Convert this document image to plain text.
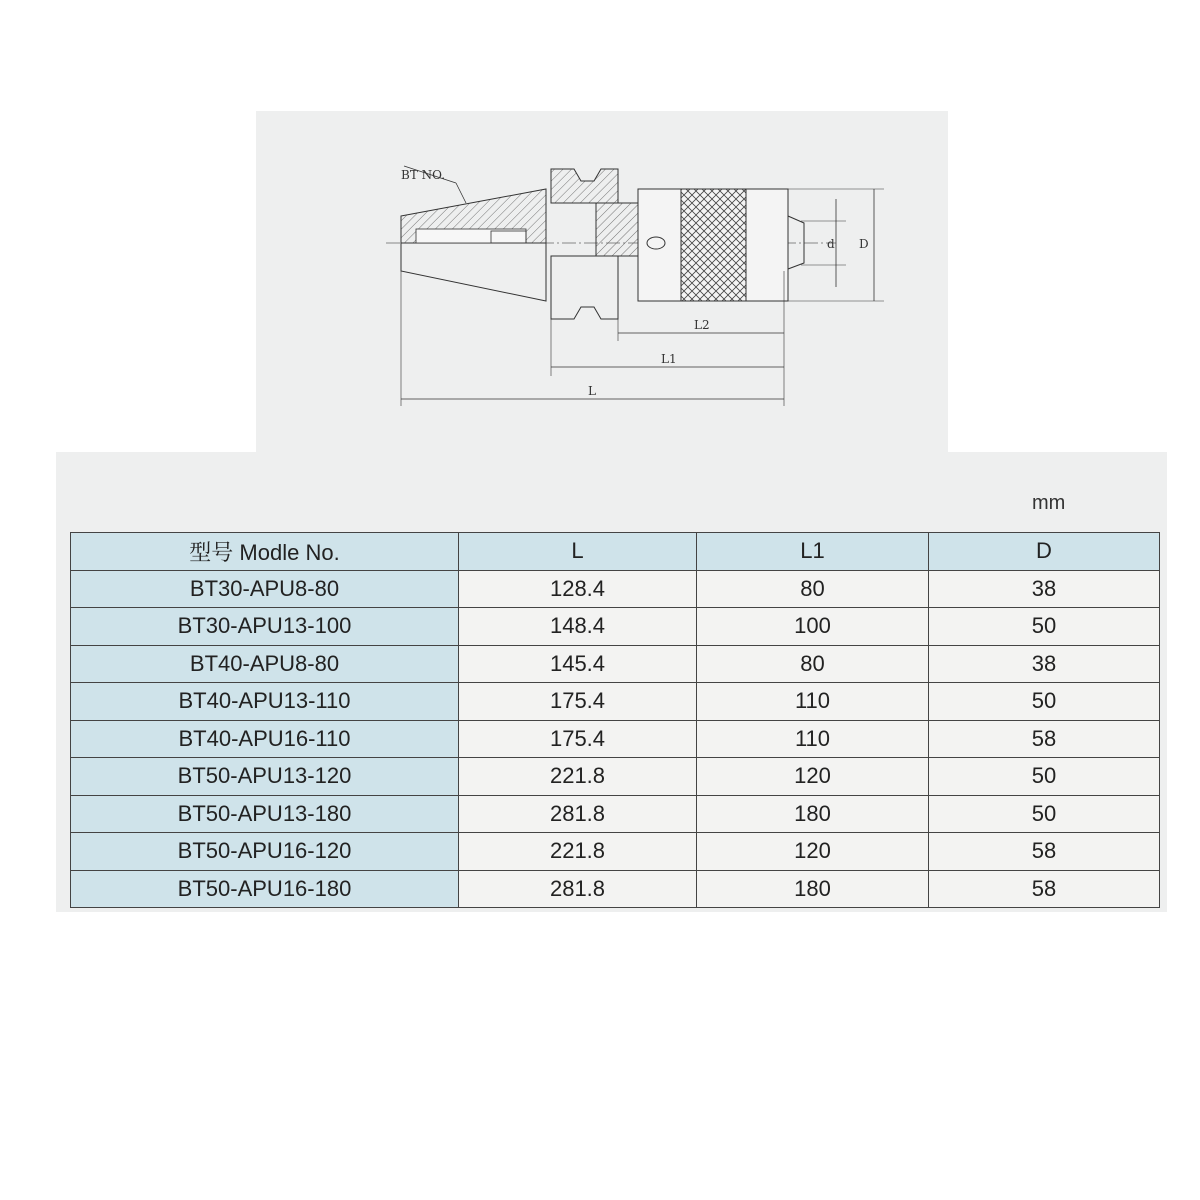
BT NO.
L2
L1
L
d D
mm
型号 Modle No.	L	L1	D
BT30-APU8-80	128.4	80	38
BT30-APU13-100	148.4	100	50
BT40-APU8-80	145.4	80	38
BT40-APU13-110	175.4	110	50
BT40-APU16-110	175.4	110	58
BT50-APU13-120	221.8	120	50
BT50-APU13-180	281.8	180	50
BT50-APU16-120	221.8	120	58
BT50-APU16-180	281.8	180	58
